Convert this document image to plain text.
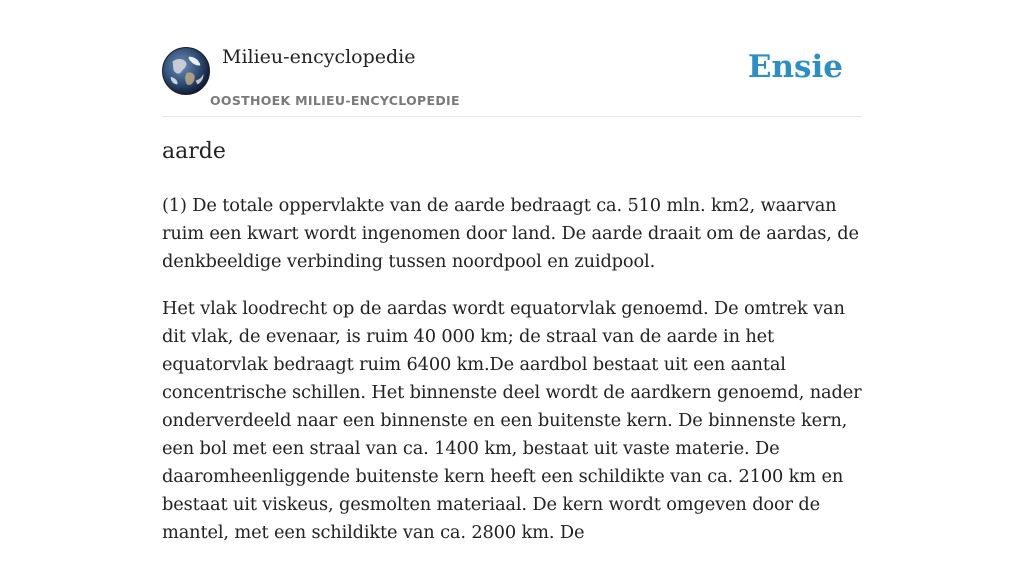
Milieu-encyclopedie
OOSTHOEK MILIEU-ENCYCLOPEDIE
Ensie
aarde

(1) De totale oppervlakte van de aarde bedraagt ca. 510 mln. km2, waarvan ruim een kwart wordt ingenomen door land. De aarde draait om de aardas, de denkbeeldige verbinding tussen noordpool en zuidpool.

Het vlak loodrecht op de aardas wordt equatorvlak genoemd. De omtrek van dit vlak, de evenaar, is ruim 40 000 km; de straal van de aarde in het equatorvlak bedraagt ruim 6400 km.De aardbol bestaat uit een aantal concentrische schillen. Het binnenste deel wordt de aardkern genoemd, nader onderverdeeld naar een binnenste en een buitenste kern. De binnenste kern, een bol met een straal van ca. 1400 km, bestaat uit vaste materie. De daaromheenliggende buitenste kern heeft een schildikte van ca. 2100 km en bestaat uit viskeus, gesmolten materiaal. De kern wordt omgeven door de mantel, met een schildikte van ca. 2800 km. De
